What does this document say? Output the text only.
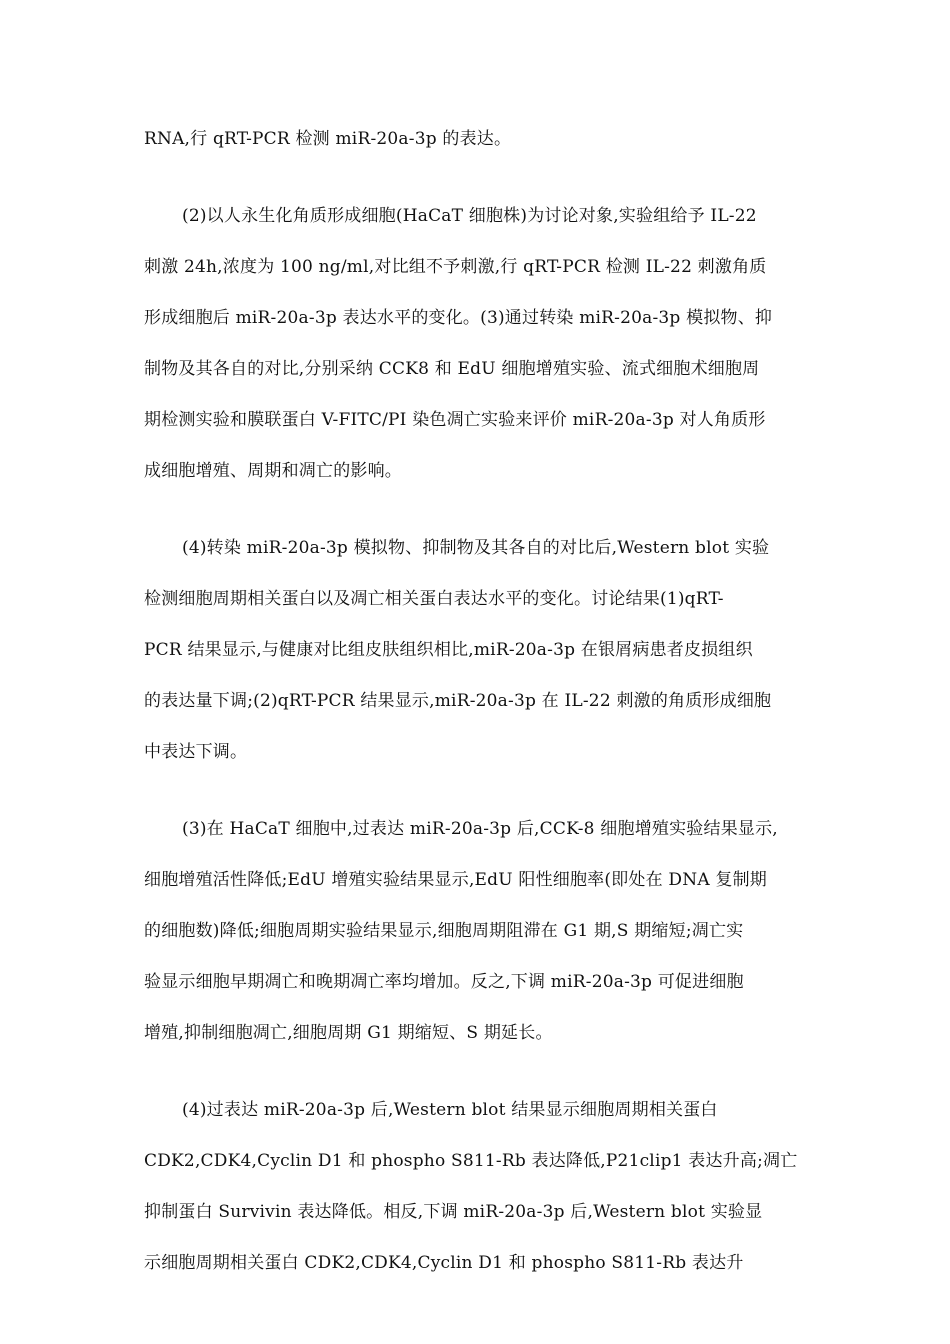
RNA,行 qRT-PCR 检测 miR-20a-3p 的表达。

(2)以人永生化角质形成细胞(HaCaT 细胞株)为讨论对象,实验组给予 IL-22
刺激 24h,浓度为 100 ng/ml,对比组不予刺激,行 qRT-PCR 检测 IL-22 刺激角质
形成细胞后 miR-20a-3p 表达水平的变化。(3)通过转染 miR-20a-3p 模拟物、抑
制物及其各自的对比,分别采纳 CCK8 和 EdU 细胞增殖实验、流式细胞术细胞周
期检测实验和膜联蛋白 V-FITC/PI 染色凋亡实验来评价 miR-20a-3p 对人角质形
成细胞增殖、周期和凋亡的影响。

(4)转染 miR-20a-3p 模拟物、抑制物及其各自的对比后,Western blot 实验
检测细胞周期相关蛋白以及凋亡相关蛋白表达水平的变化。讨论结果(1)qRT-
PCR 结果显示,与健康对比组皮肤组织相比,miR-20a-3p 在银屑病患者皮损组织
的表达量下调;(2)qRT-PCR 结果显示,miR-20a-3p 在 IL-22 刺激的角质形成细胞
中表达下调。

(3)在 HaCaT 细胞中,过表达 miR-20a-3p 后,CCK-8 细胞增殖实验结果显示,
细胞增殖活性降低;EdU 增殖实验结果显示,EdU 阳性细胞率(即处在 DNA 复制期
的细胞数)降低;细胞周期实验结果显示,细胞周期阻滞在 G1 期,S 期缩短;凋亡实
验显示细胞早期凋亡和晚期凋亡率均增加。反之,下调 miR-20a-3p 可促进细胞
增殖,抑制细胞凋亡,细胞周期 G1 期缩短、S 期延长。

(4)过表达 miR-20a-3p 后,Western blot 结果显示细胞周期相关蛋白
CDK2,CDK4,Cyclin D1 和 phospho S811-Rb 表达降低,P21clip1 表达升高;凋亡
抑制蛋白 Survivin 表达降低。相反,下调 miR-20a-3p 后,Western blot 实验显
示细胞周期相关蛋白 CDK2,CDK4,Cyclin D1 和 phospho S811-Rb 表达升
